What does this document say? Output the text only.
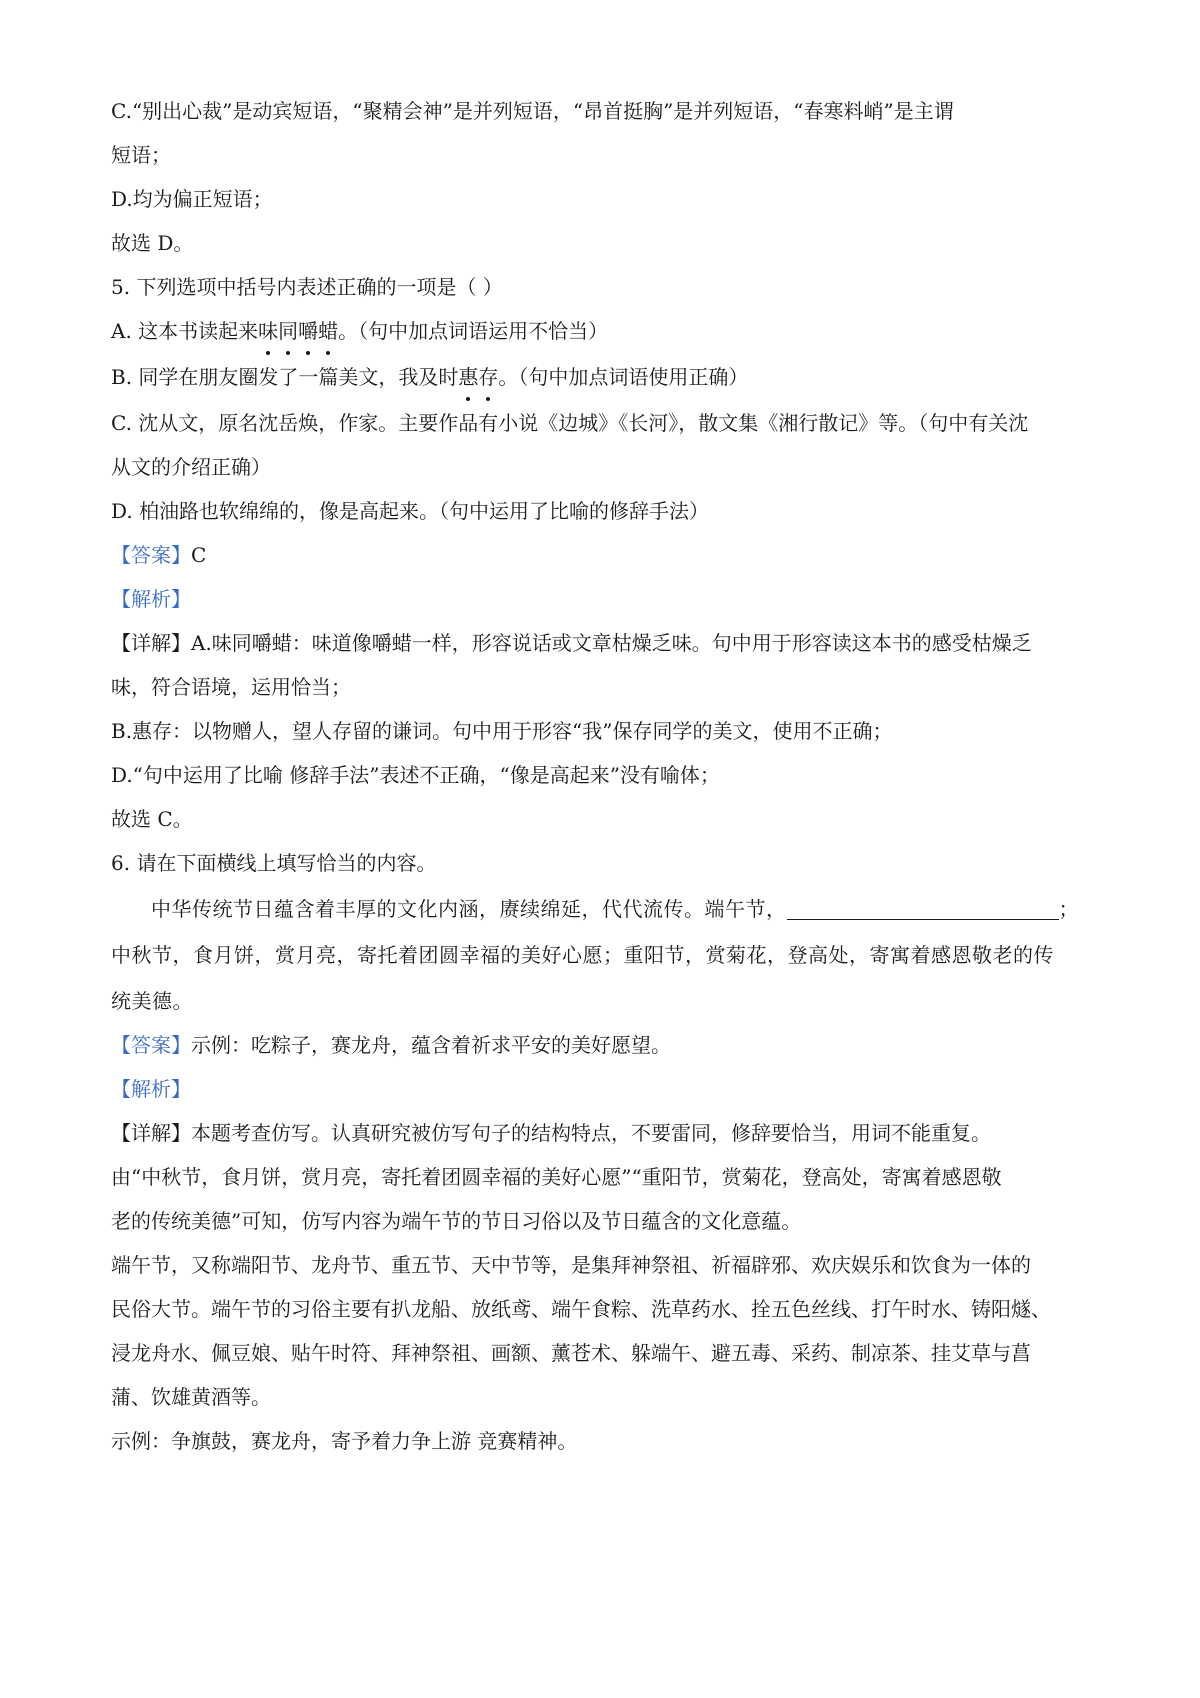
C.“别出心裁”是动宾短语，“聚精会神”是并列短语，“昂首挺胸”是并列短语，“春寒料峭”是主谓

短语；

D.均为偏正短语；

故选 D。

5. 下列选项中括号内表述正确的一项是（ ）

A. 这本书读起来味同嚼蜡。（句中加点词语运用不恰当）

B. 同学在朋友圈发了一篇美文，我及时惠存。（句中加点词语使用正确）

C. 沈从文，原名沈岳焕，作家。主要作品有小说《边城》《长河》，散文集《湘行散记》等。（句中有关沈

从文的介绍正确）

D. 柏油路也软绵绵的，像是高起来。（句中运用了比喻的修辞手法）

【答案】C

【解析】

【详解】A.味同嚼蜡：味道像嚼蜡一样，形容说话或文章枯燥乏味。句中用于形容读这本书的感受枯燥乏

味，符合语境，运用恰当；

B.惠存：以物赠人，望人存留的谦词。句中用于形容“我”保存同学的美文，使用不正确；

D.“句中运用了比喻 修辞手法”表述不正确，“像是高起来”没有喻体；

故选 C。

6. 请在下面横线上填写恰当的内容。

中华传统节日蕴含着丰厚的文化内涵，赓续绵延，代代流传。端午节，	；

中秋节，食月饼，赏月亮，寄托着团圆幸福的美好心愿；重阳节，赏菊花，登高处，寄寓着感恩敬老的传

统美德。

【答案】示例：吃粽子，赛龙舟，蕴含着祈求平安的美好愿望。

【解析】

【详解】本题考查仿写。认真研究被仿写句子的结构特点，不要雷同，修辞要恰当，用词不能重复。

由“中秋节，食月饼，赏月亮，寄托着团圆幸福的美好心愿”“重阳节，赏菊花，登高处，寄寓着感恩敬

老的传统美德”可知，仿写内容为端午节的节日习俗以及节日蕴含的文化意蕴。

端午节，又称端阳节、龙舟节、重五节、天中节等，是集拜神祭祖、祈福辟邪、欢庆娱乐和饮食为一体的

民俗大节。端午节的习俗主要有扒龙船、放纸鸢、端午食粽、洗草药水、拴五色丝线、打午时水、铸阳燧、

浸龙舟水、佩豆娘、贴午时符、拜神祭祖、画额、薰苍术、躲端午、避五毒、采药、制凉茶、挂艾草与菖

蒲、饮雄黄酒等。

示例：争旗鼓，赛龙舟，寄予着力争上游 竞赛精神。
